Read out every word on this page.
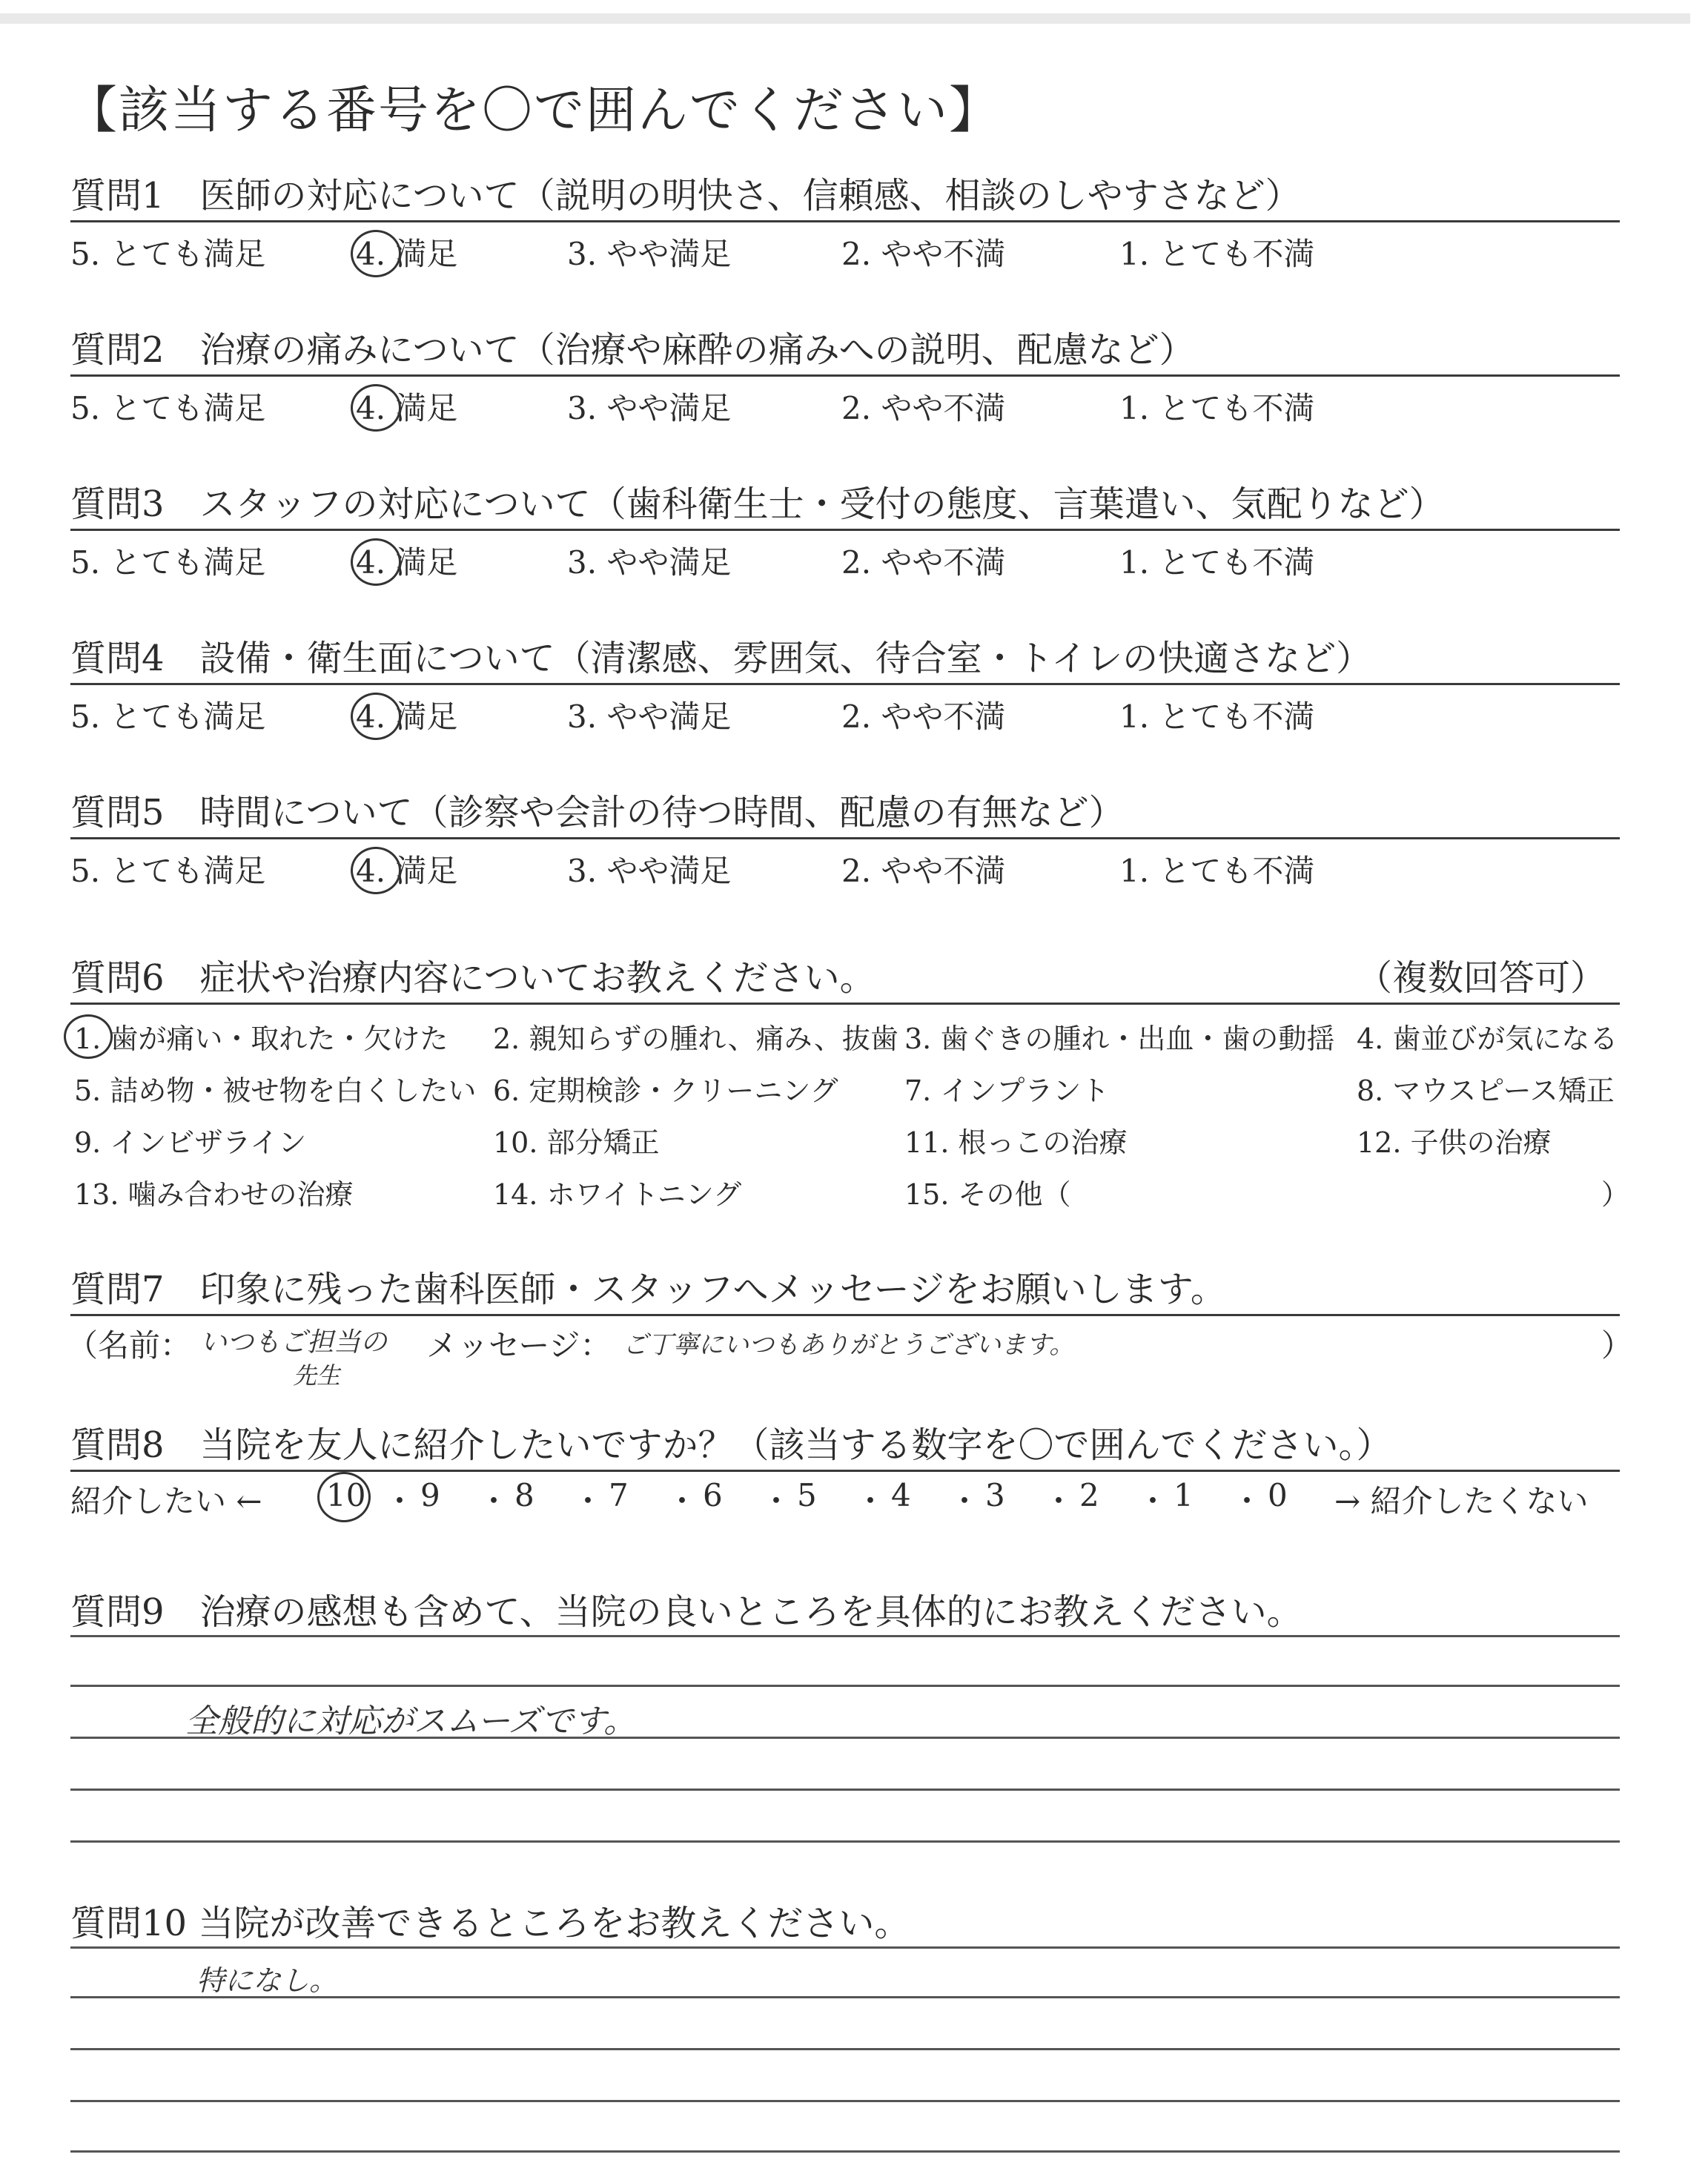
【該当する番号を〇で囲んでください】
質問1　医師の対応について（説明の明快さ、信頼感、相談のしやすさなど）
5. とても満足	4. 満足	3. やや満足	2. やや不満	1. とても不満
質問2　治療の痛みについて（治療や麻酔の痛みへの説明、配慮など）
5. とても満足	4. 満足	3. やや満足	2. やや不満	1. とても不満
質問3　スタッフの対応について（歯科衛生士・受付の態度、言葉遣い、気配りなど）
5. とても満足	4. 満足	3. やや満足	2. やや不満	1. とても不満
質問4　設備・衛生面について（清潔感、雰囲気、待合室・トイレの快適さなど）
5. とても満足	4. 満足	3. やや満足	2. やや不満	1. とても不満
質問5　時間について（診察や会計の待つ時間、配慮の有無など）
5. とても満足	4. 満足	3. やや満足	2. やや不満	1. とても不満
質問6　症状や治療内容についてお教えください。	（複数回答可）
1. 歯が痛い・取れた・欠けた 2. 親知らずの腫れ、痛み、抜歯 3. 歯ぐきの腫れ・出血・歯の動揺 4. 歯並びが気になる
5. 詰め物・被せ物を白くしたい 6. 定期検診・クリーニング 7. インプラント	8. マウスピース矯正
9. インビザライン	10. 部分矯正	11. 根っこの治療	12. 子供の治療
13. 噛み合わせの治療	14. ホワイトニング	15. その他（	）
質問7　印象に残った歯科医師・スタッフへメッセージをお願いします。
（名前： いつもご担当の
先生
メッセージ： ご丁寧にいつもありがとうございます。	）
質問8　当院を友人に紹介したいですか？（該当する数字を〇で囲んでください。）
紹介したい ← 10 ・ 9 ・ 8 ・ 7 ・ 6 ・ 5 ・ 4 ・ 3 ・ 2 ・ 1 ・ 0 → 紹介したくない
質問9　治療の感想も含めて、当院の良いところを具体的にお教えください。
全般的に対応がスムーズです。
質問10 当院が改善できるところをお教えください。
特になし。
